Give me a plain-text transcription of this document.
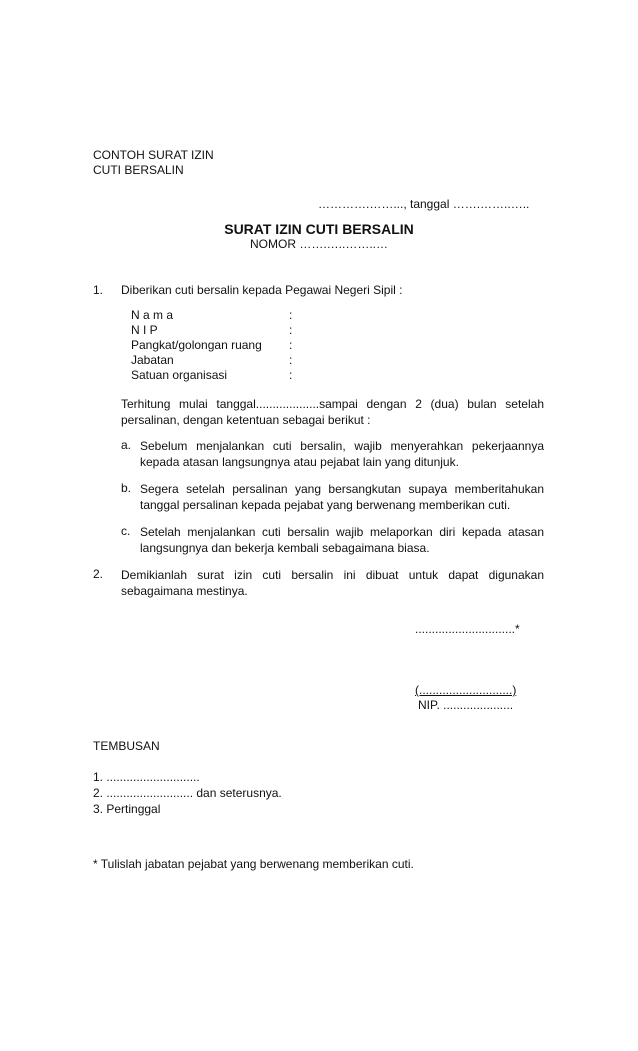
CONTOH SURAT IZIN
CUTI BERSALIN
………….……..., tanggal …….……..…..
SURAT IZIN CUTI BERSALIN
NOMOR …….…..……..…
1. Diberikan cuti bersalin kepada Pegawai Negeri Sipil :
N a m a	:
N I P	:
Pangkat/golongan ruang :
Jabatan	:
Satuan organisasi	:
Terhitung mulai tanggal...................sampai dengan 2 (dua) bulan setelah persalinan, dengan ketentuan sebagai berikut :
a. Sebelum menjalankan cuti bersalin, wajib menyerahkan pekerjaannya kepada atasan langsungnya atau pejabat lain yang ditunjuk.
b. Segera setelah persalinan yang bersangkutan supaya memberitahukan tanggal persalinan kepada pejabat yang berwenang memberikan cuti.
c. Setelah menjalankan cuti bersalin wajib melaporkan diri kepada atasan langsungnya dan bekerja kembali sebagaimana biasa.
2. Demikianlah surat izin cuti bersalin ini dibuat untuk dapat digunakan sebagaimana mestinya.
..............................*
(............................)
NIP. .....................
TEMBUSAN
1. ............................
2. .......................... dan seterusnya.
3. Pertinggal
* Tulislah jabatan pejabat yang berwenang memberikan cuti.
